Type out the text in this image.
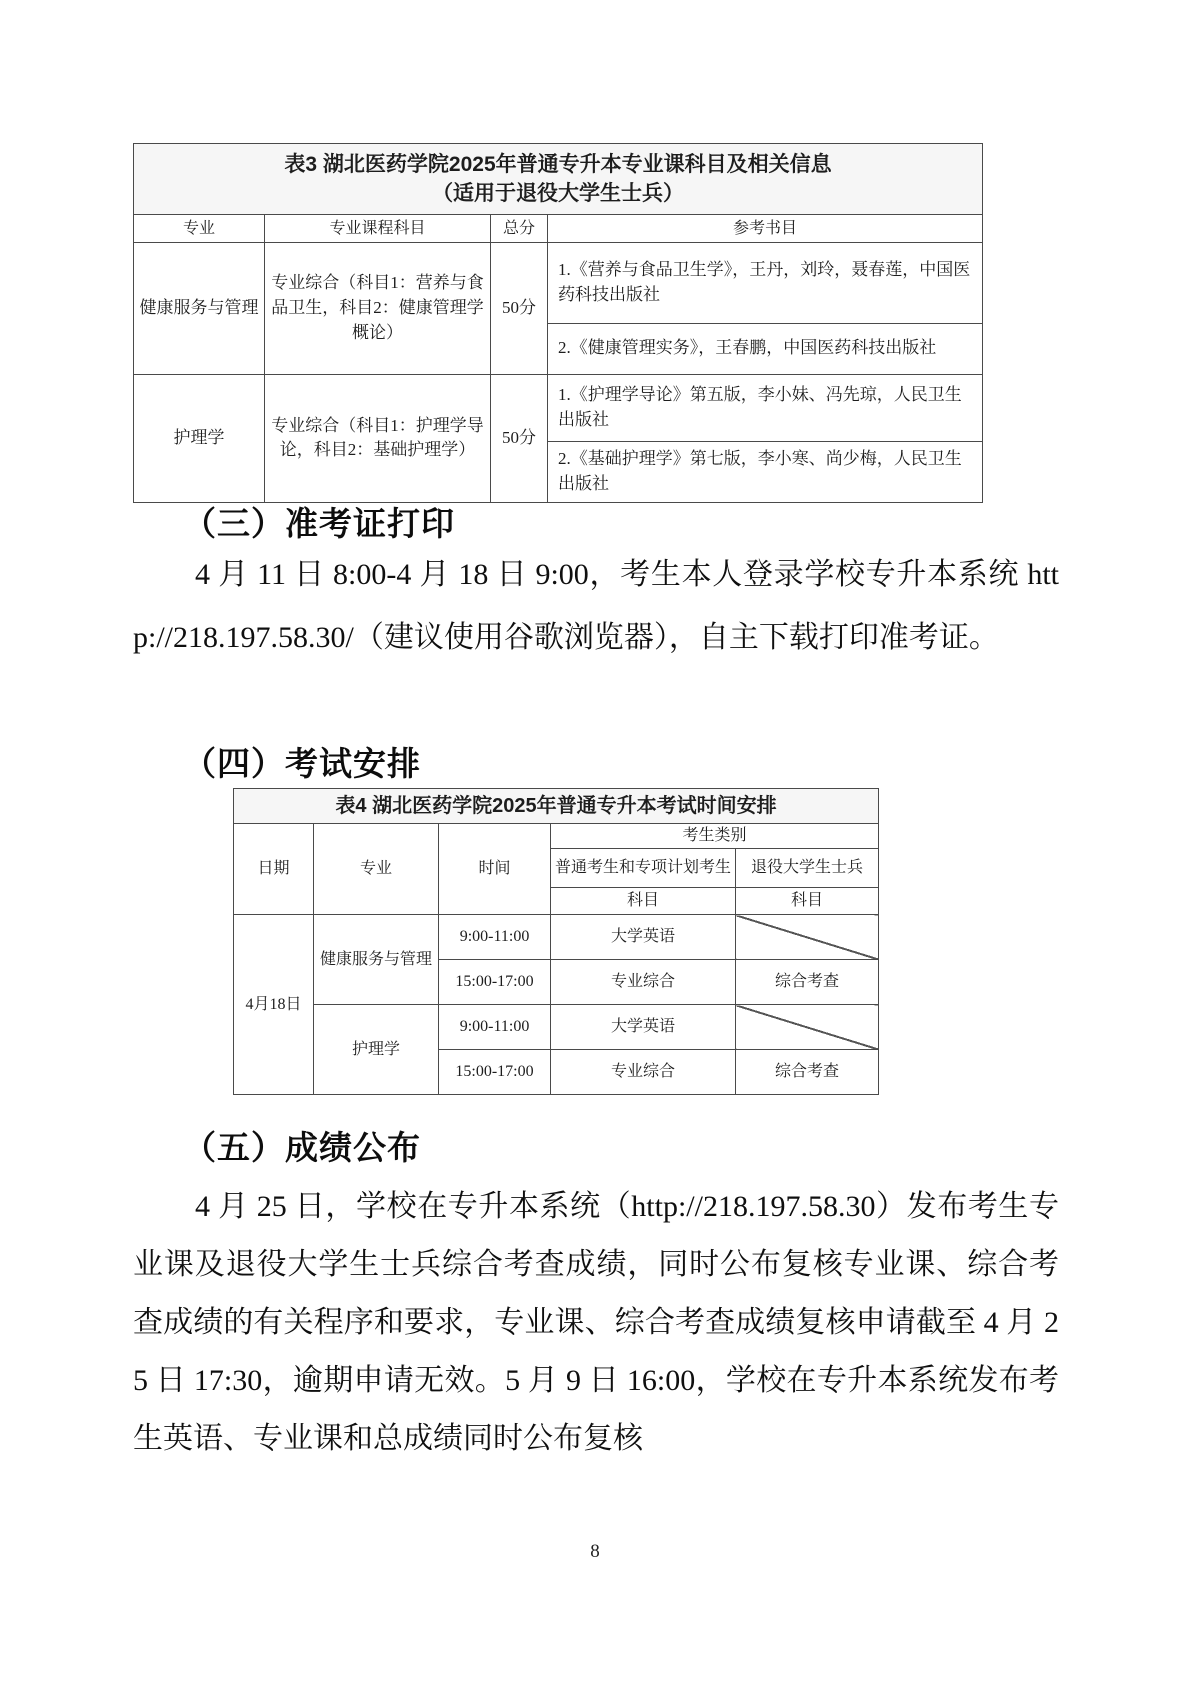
表3 湖北医药学院2025年普通专升本专业课科目及相关信息
（适用于退役大学生士兵）			

专业	专业课程科目	总分	参考书目
健康服务与管理	专业综合（科目1：营养与食品卫生，科目2：健康管理学概论）	50分	1.《营养与食品卫生学》，王丹，刘玲，聂春莲，中国医药科技出版社
			2.《健康管理实务》，王春鹏，中国医药科技出版社
护理学	专业综合（科目1：护理学导论，科目2：基础护理学）	50分	1.《护理学导论》第五版，李小妹、冯先琼，人民卫生出版社
			2.《基础护理学》第七版，李小寒、尚少梅，人民卫生出版社
（三）准考证打印
4 月 11 日 8:00-4 月 18 日 9:00，考生本人登录学校专升本系统 http://218.197.58.30/（建议使用谷歌浏览器），自主下载打印准考证。
（四）考试安排
表4 湖北医药学院2025年普通专升本考试时间安排				
日期	专业	时间	考生类别	
			普通考生和专项计划考生	退役大学生士兵
			科目	科目
4月18日	健康服务与管理	9:00-11:00	大学英语	
		15:00-17:00	专业综合	综合考查
	护理学	9:00-11:00	大学英语	
		15:00-17:00	专业综合	综合考查
（五）成绩公布
4 月 25 日，学校在专升本系统（http://218.197.58.30）发布考生专业课及退役大学生士兵综合考查成绩，同时公布复核专业课、综合考查成绩的有关程序和要求，专业课、综合考查成绩复核申请截至 4 月 25 日 17:30，逾期申请无效。5 月 9 日 16:00，学校在专升本系统发布考生英语、专业课和总成绩同时公布复核
8
